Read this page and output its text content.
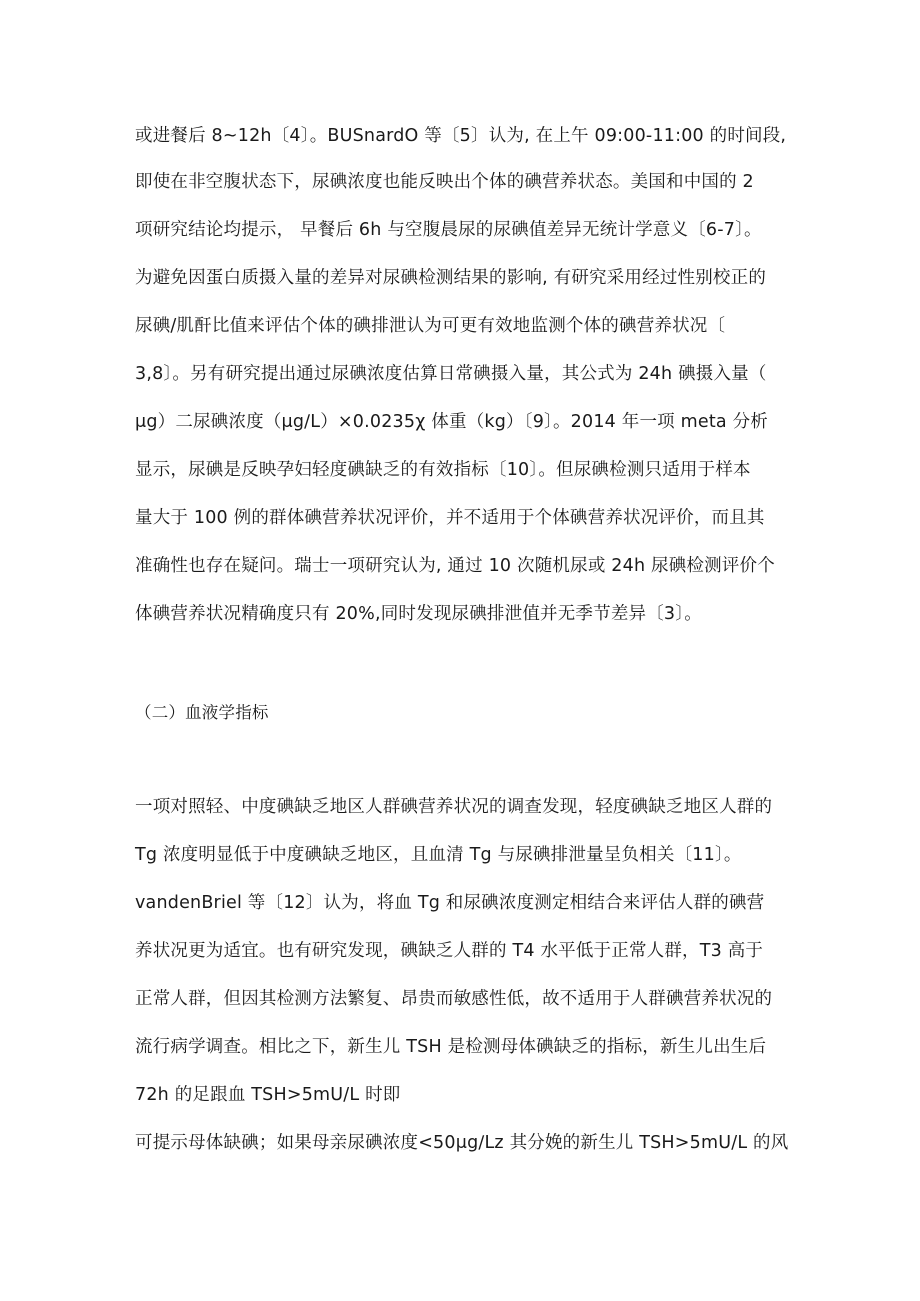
或进餐后 8~12h〔4〕。BUSnardO 等〔5〕认为, 在上午 09:00-11:00 的时间段,
即使在非空腹状态下，尿碘浓度也能反映出个体的碘营养状态。美国和中国的 2
项研究结论均提示， 早餐后 6h 与空腹晨尿的尿碘值差异无统计学意义〔6-7〕。
为避免因蛋白质摄入量的差异对尿碘检测结果的影响, 有研究采用经过性别校正的
尿碘/肌酐比值来评估个体的碘排泄认为可更有效地监测个体的碘营养状况〔
3,8〕。另有研究提出通过尿碘浓度估算日常碘摄入量，其公式为 24h 碘摄入量（
μg）二尿碘浓度（μg∕L）×0.0235χ 体重（kg）〔9〕。2014 年一项 meta 分析
显示，尿碘是反映孕妇轻度碘缺乏的有效指标〔10〕。但尿碘检测只适用于样本
量大于 100 例的群体碘营养状况评价，并不适用于个体碘营养状况评价，而且其
准确性也存在疑问。瑞士一项研究认为, 通过 10 次随机尿或 24h 尿碘检测评价个
体碘营养状况精确度只有 20%,同时发现尿碘排泄值并无季节差异〔3〕。
（二）血液学指标
一项对照轻、中度碘缺乏地区人群碘营养状况的调查发现，轻度碘缺乏地区人群的
Tg 浓度明显低于中度碘缺乏地区，且血清 Tg 与尿碘排泄量呈负相关〔11〕。
vandenBriel 等〔12〕认为，将血 Tg 和尿碘浓度测定相结合来评估人群的碘营
养状况更为适宜。也有研究发现，碘缺乏人群的 T4 水平低于正常人群，T3 高于
正常人群，但因其检测方法繁复、昂贵而敏感性低，故不适用于人群碘营养状况的
流行病学调查。相比之下，新生儿 TSH 是检测母体碘缺乏的指标，新生儿出生后
72h 的足跟血 TSH>5mU/L 时即
可提示母体缺碘；如果母亲尿碘浓度<50μg∕Lz 其分娩的新生儿 TSH>5mU/L 的风
